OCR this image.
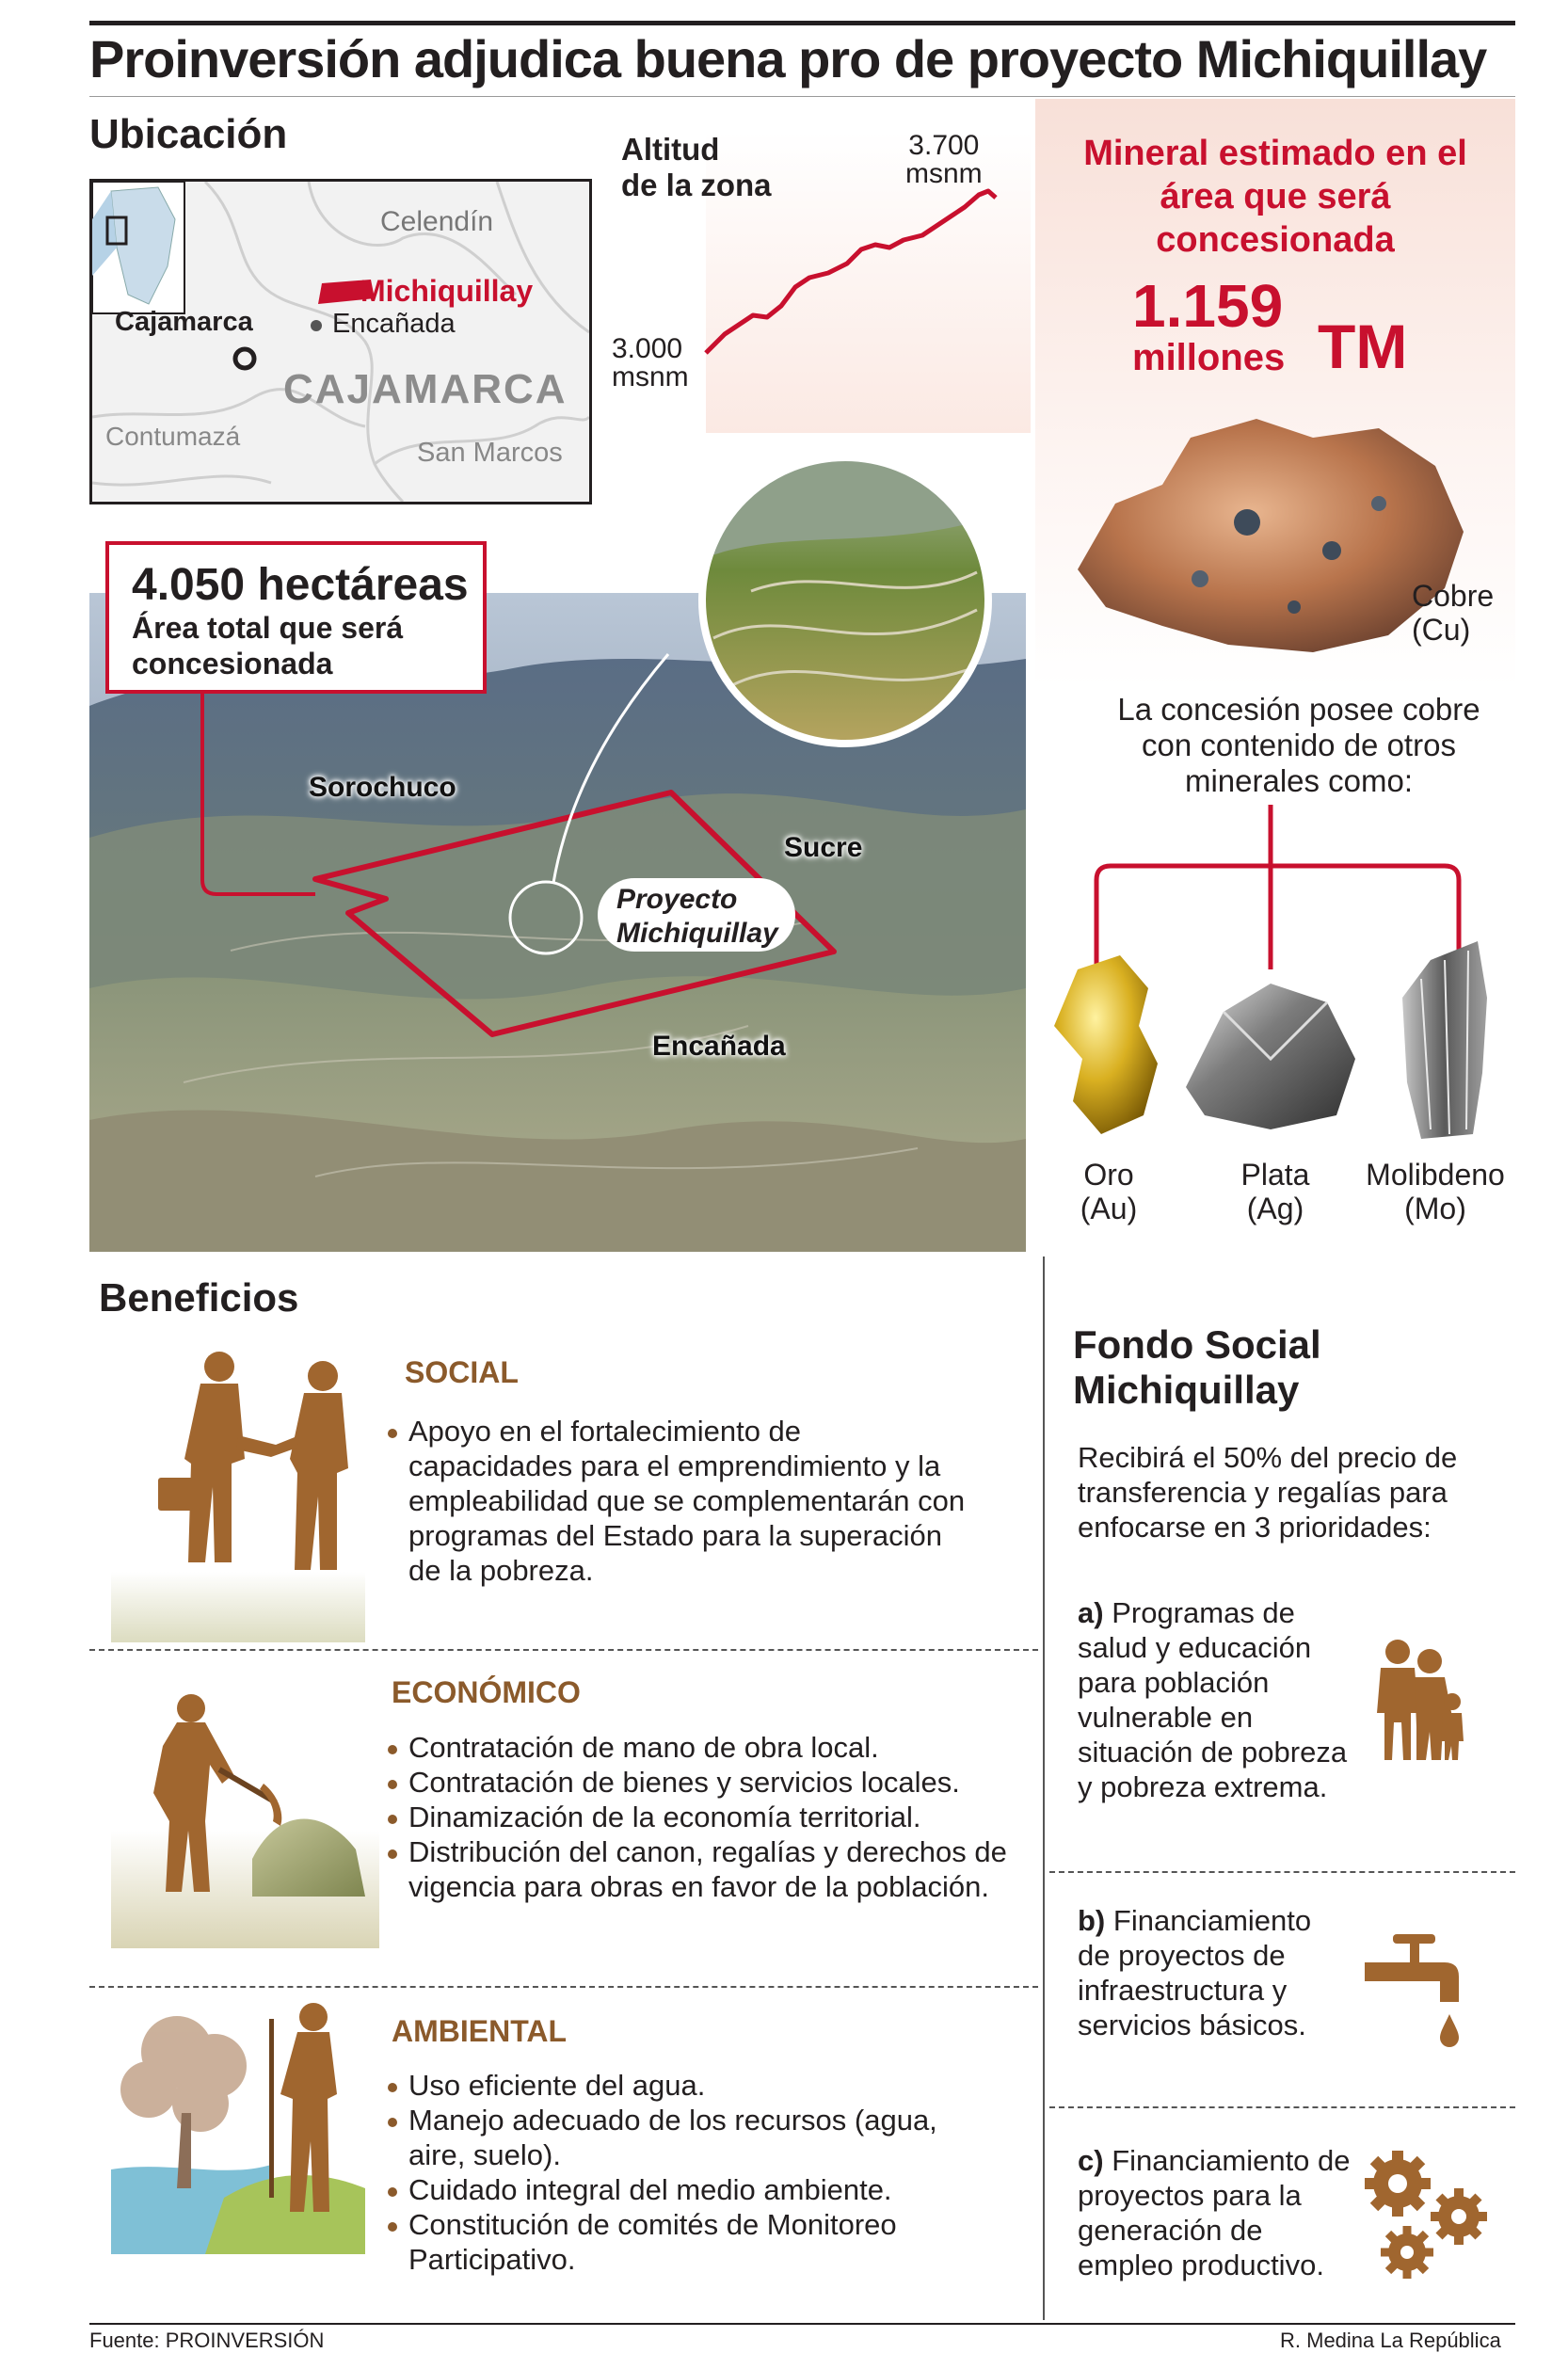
Proinversión adjudica buena pro de proyecto Michiquillay
Ubicación
Celendín
Michiquillay
Encañada
Cajamarca
CAJAMARCA
Contumazá
San Marcos
Altitud
de la zona
3.700
msnm
3.000
msnm
Mineral estimado en el área que será concesionada
1.159
millones TM
Cobre
(Cu)
La concesión posee cobre con contenido de otros minerales como:
Oro
(Au)
Plata
(Ag)
Molibdeno
(Mo)
4.050 hectáreas
Área total que será
concesionada
Sorochuco
Sucre
Encañada
Proyecto
Michiquillay
Beneficios
SOCIAL
Apoyo en el fortalecimiento de capacidades para el emprendimiento y la empleabilidad que se complementarán con programas del Estado para la superación de la pobreza.
ECONÓMICO
Contratación de mano de obra local.
Contratación de bienes y servicios locales.
Dinamización de la economía territorial.
Distribución del canon, regalías y derechos de vigencia para obras en favor de la población.
AMBIENTAL
Uso eficiente del agua.
Manejo adecuado de los recursos (agua, aire, suelo).
Cuidado integral del medio ambiente.
Constitución de comités de Monitoreo Participativo.
Fondo Social
Michiquillay
Recibirá el 50% del precio de transferencia y regalías para enfocarse en 3 prioridades:
a) Programas de salud y educación para población vulnerable en situación de pobreza y pobreza extrema.
b) Financiamiento de proyectos de infraestructura y servicios básicos.
c) Financiamiento de proyectos para la generación de empleo productivo.
Fuente: PROINVERSIÓN	R. Medina La República
